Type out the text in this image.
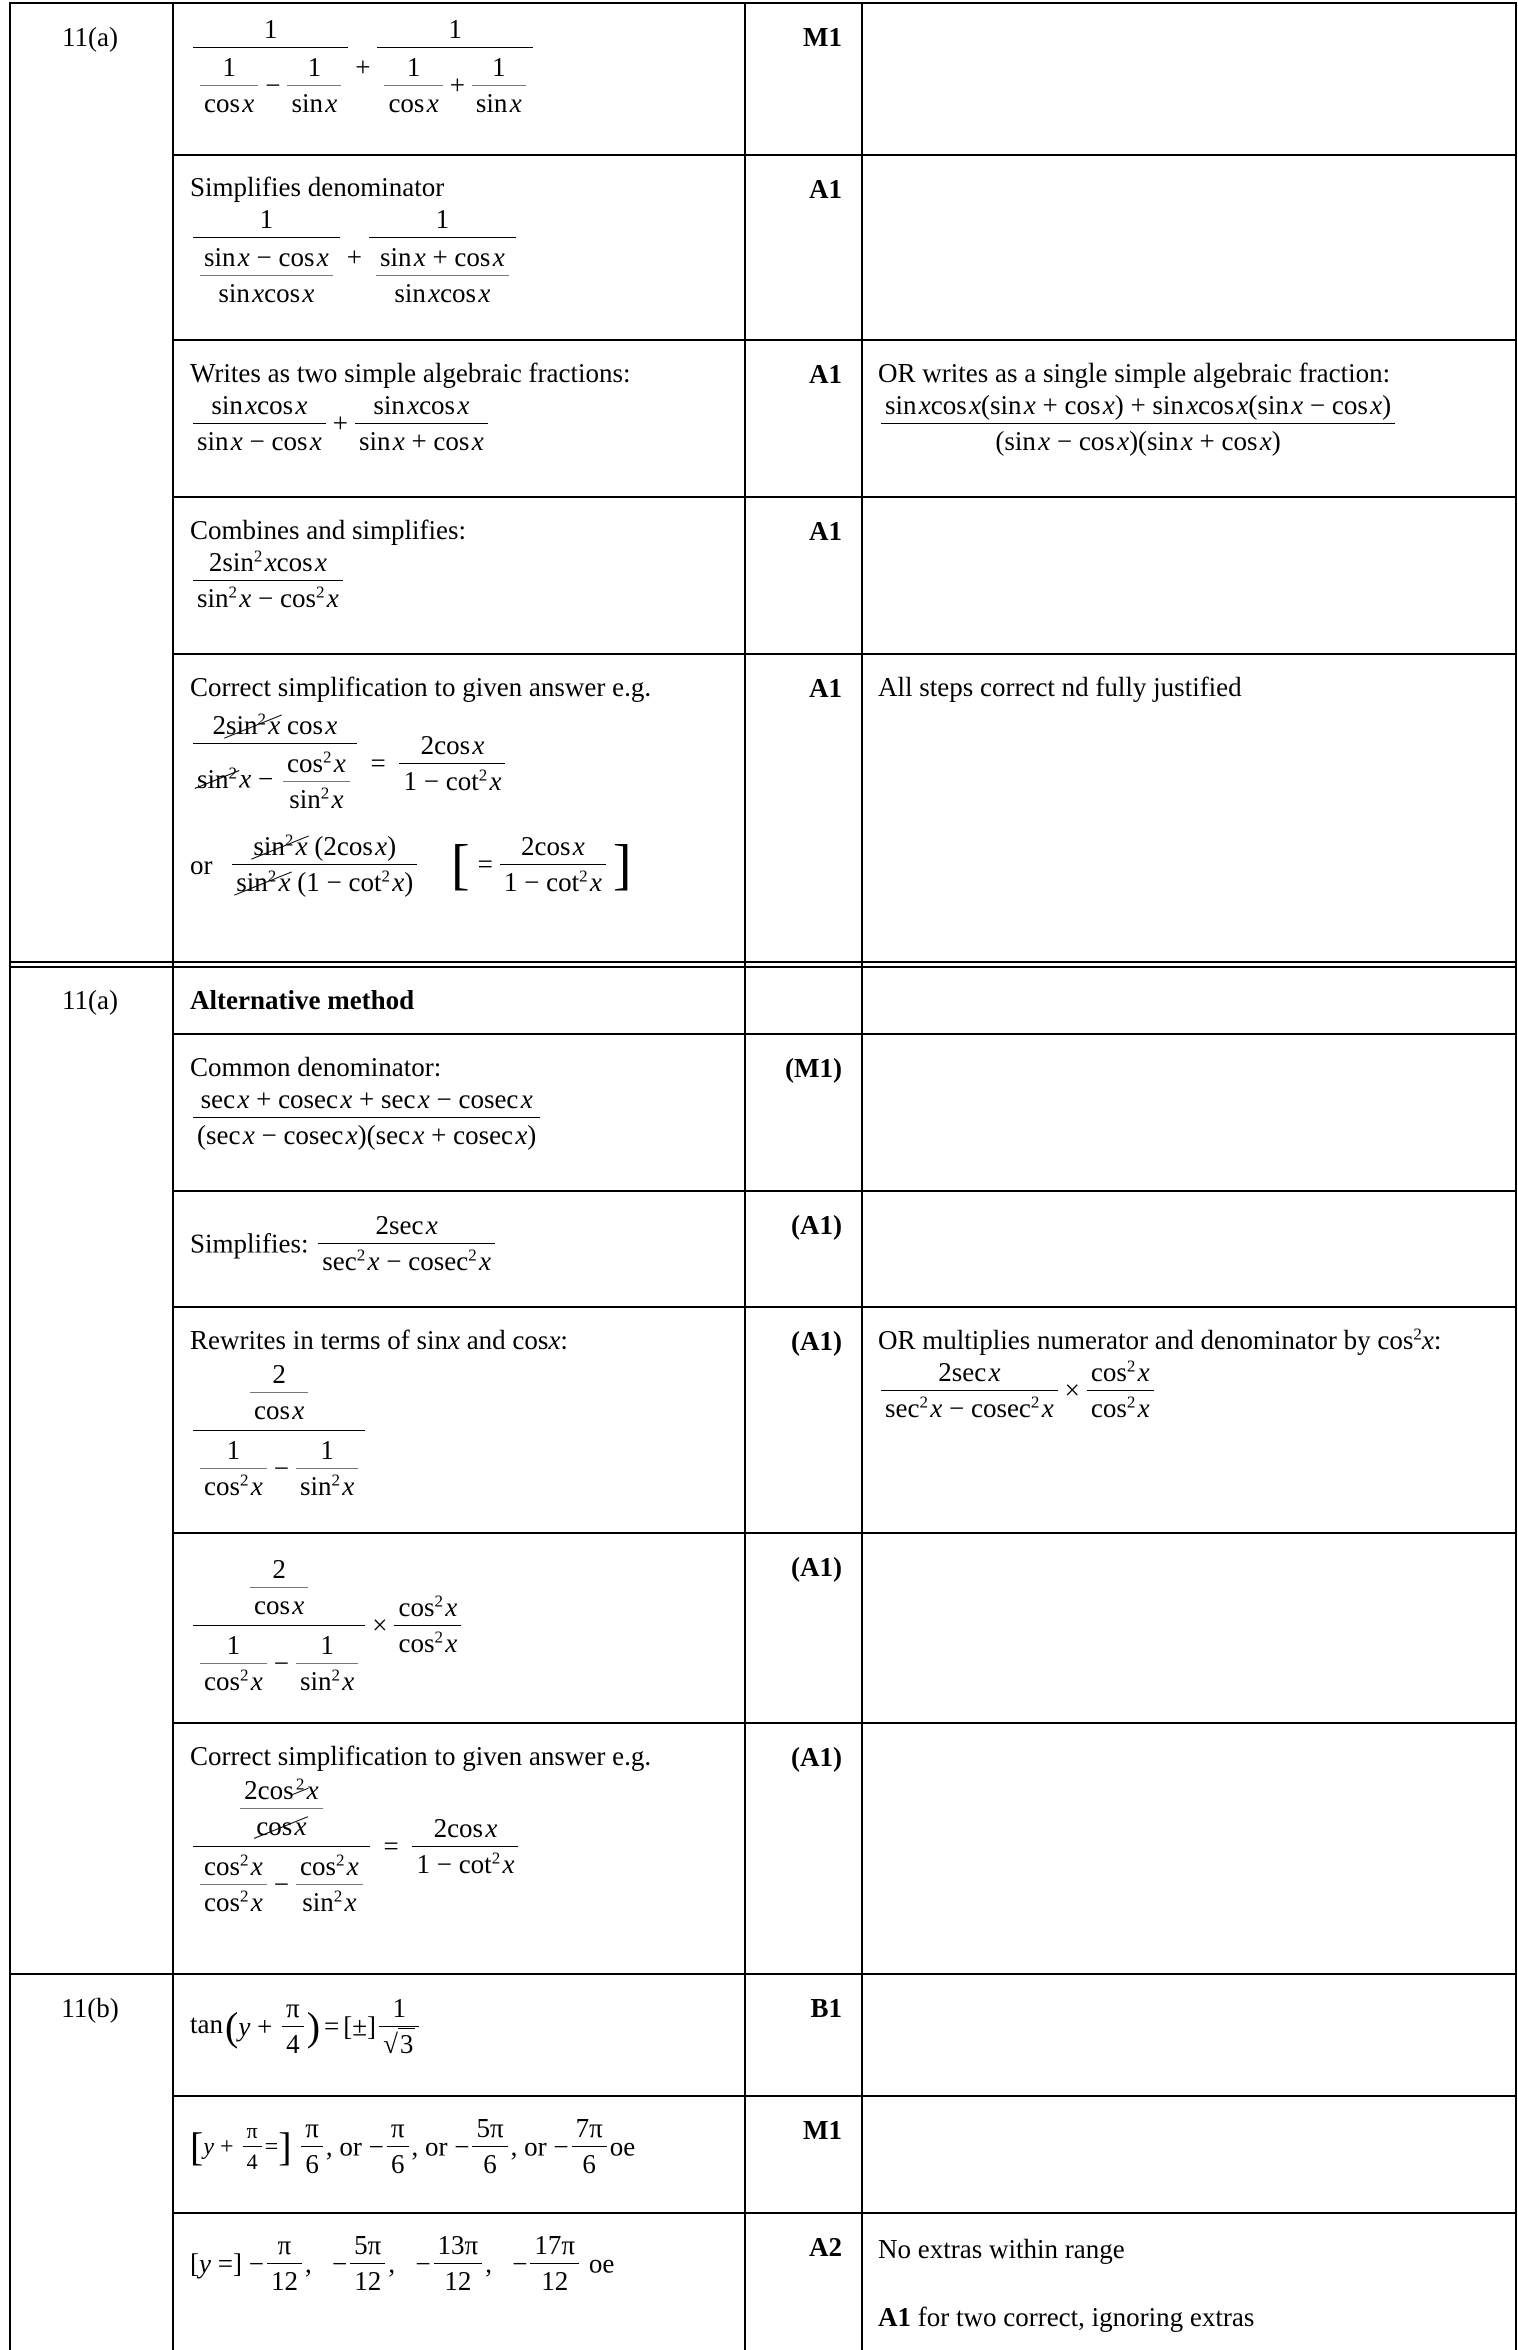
11(a)
11(a)
11(b)
M1
A1
A1
A1
A1
(M1)
(A1)
(A1)
(A1)
(A1)
B1
M1
A2
$\frac{1}{\frac{1}{\text{cos x}} - \frac{1}{\text{sin x}}} + \frac{1}{\frac{1}{\text{cos x}} + \frac{1}{\text{sin x}}}$
Simplifies denominator
$\frac{1}{\frac{\text{sin x − cos x}}{\text{sin xcos x}}} + \frac{1}{\frac{\text{sin x + cos x}}{\text{sin xcos x}}}$
Writes as two simple algebraic fractions:
$\frac{\text{sin xcos x}}{\text{sin x − cos x}} + \frac{\text{sin xcos x}}{\text{sin x + cos x}}$
OR writes as a single simple algebraic fraction:
$\frac{\text{sin xcos x(sin x + cos x) + sin xcos x(sin x − cos x)}}{\text{(sin x − cos x)(sin x + cos x)}}$
Combines and simplifies:
$\frac{2\sin^2 xcos x}{\sin^2 x - \cos^2 x}$
Correct simplification to given answer e.g.
$\frac{2\sin^2 x \cos x}{\sin^2 x - \frac{\cos^2 x}{\sin^2 x}} = \frac{\text{2cos x}}{1 - \cot^2 x}$
or $\frac{\sin^2 x (2\cos x)}{\sin^2 x (1 - \cot^2 x)}$ [ = $\frac{\text{2cos x}}{1 - \cot^2 x}$ ]
All steps correct nd fully justified
Alternative method
Common denominator:
$\frac{\text{sec x + cosec x + sec x − cosec x}}{\text{(sec x − cosec x)(sec x + cosec x)}}$
Simplifies: $\frac{\text{2sec x}}{\sec^2 x - cosec^2 x}$
Rewrites in terms of sinx and cosx:
$\frac{\frac{2}{\text{cos x}}}{\frac{1}{\cos^2 x} - \frac{1}{\sin^2 x}}$
OR multiplies numerator and denominator by $\cos^2x$:
$\frac{\text{2sec x}}{\sec^2 x - cosec^2 x} \times \frac{\cos^2 x}{\cos^2 x}$
$\frac{\frac{2}{\text{cos x}}}{\frac{1}{\cos^2 x} - \frac{1}{\sin^2 x}} \times \frac{\cos^2 x}{\cos^2 x}$
Correct simplification to given answer e.g.
$\frac{\frac{2\cos ^2 x}{\text{cos x}}}{\frac{\cos^2 x}{\cos^2 x} - \frac{\cos^2 x}{\sin^2 x}} = \frac{\text{2cos x}}{1 - \cot^2 x}$
$\tan(y + \frac{\pi}{4}$ ) = [±] $\frac{1}{√3}$
[$y + \frac{\pi}{4}$ =] $\frac{\pi}{6}$ , or − $\frac{\pi}{6}$ , or − $\frac{5\pi}{6}$ , or − $\frac{7\pi}{6}$ oe
[y =] − $\frac{\pi}{12}$ ,   − $\frac{5\pi}{12}$ ,   − $\frac{13\pi}{12}$ ,   − $\frac{17\pi}{12}$ oe	No extras within range
A1 for two correct, ignoring extras
